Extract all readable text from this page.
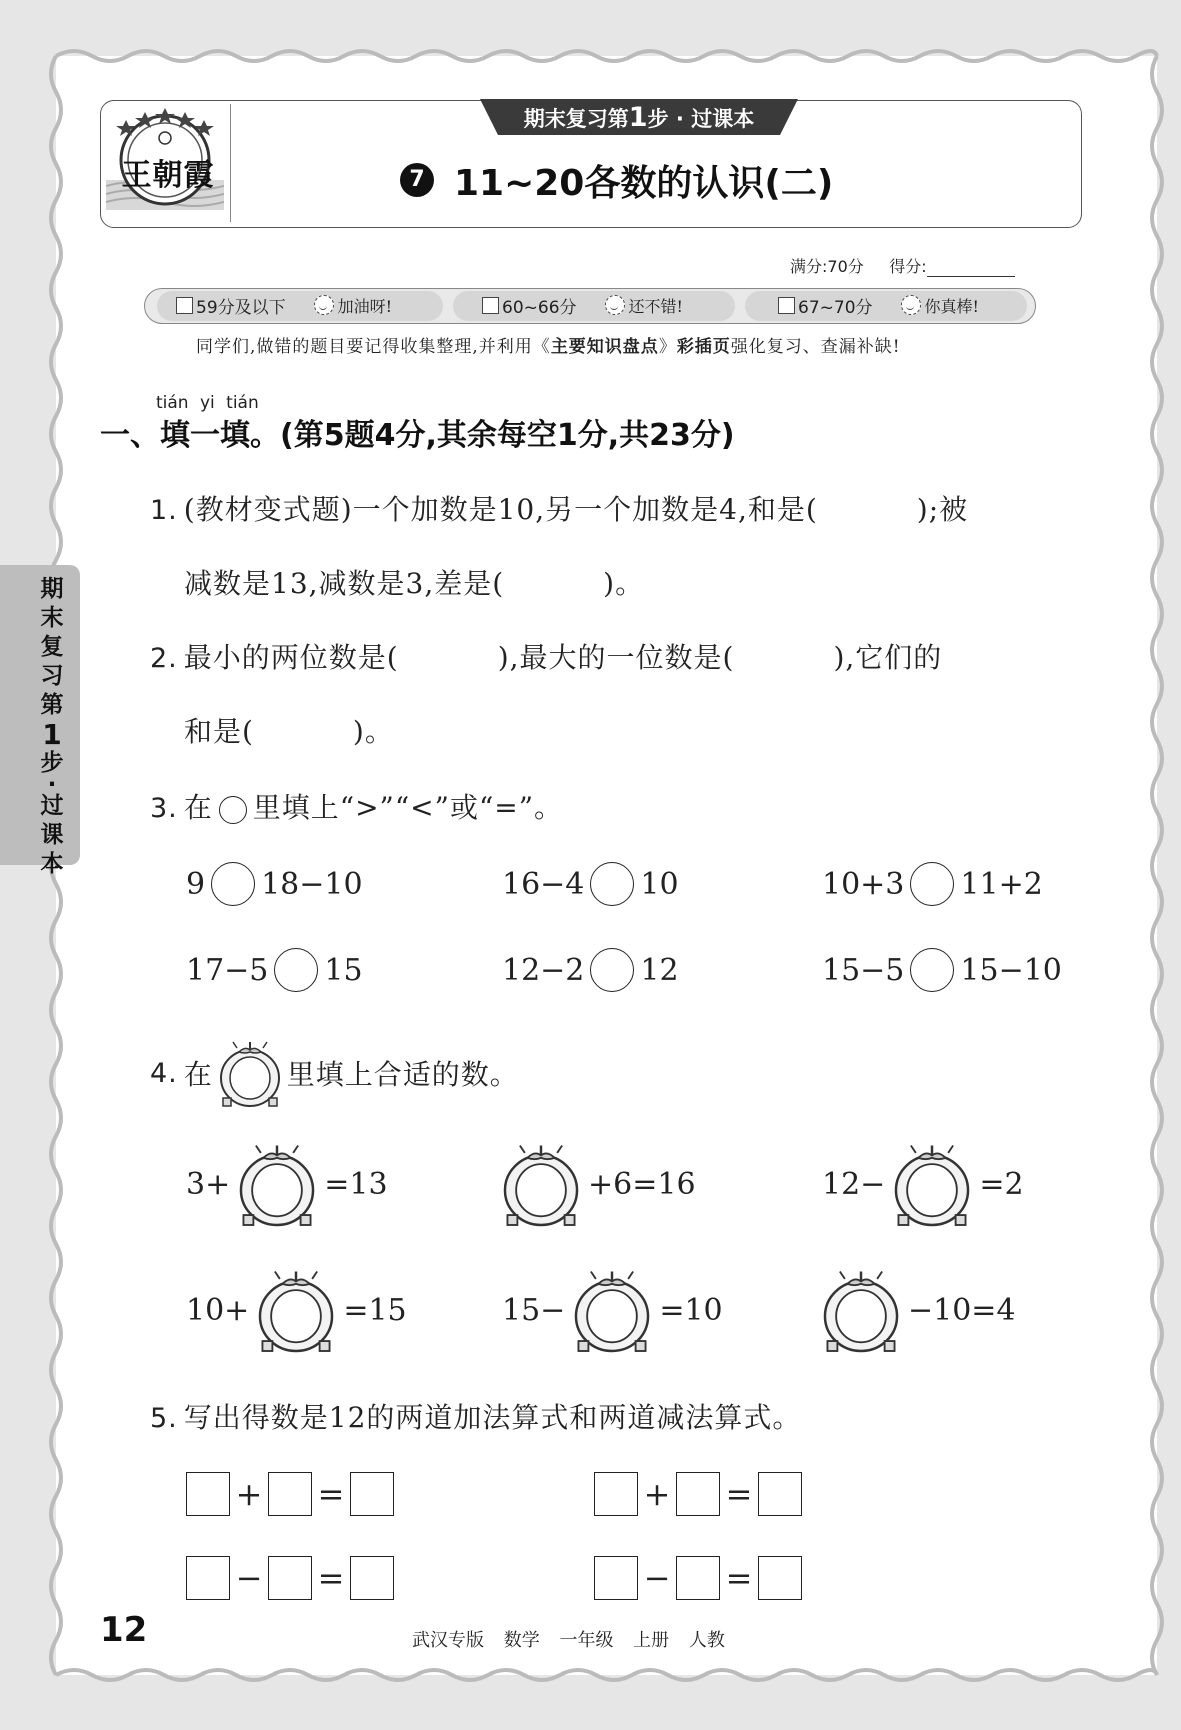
王朝霞
期末复习第1步 · 过课本
7 11~20各数的认识(二)
满分:70分 得分:
59分及以下	加油呀!	60~66分	还不错!	67~70分	你真棒!
同学们,做错的题目要记得收集整理,并利用《主要知识盘点》彩插页强化复习、查漏补缺!
期
末
复
习
第
1
步
·
过
课
本
tián yi tián
一、填一填。(第5题4分,其余每空1分,共23分)
1. (教材变式题)一个加数是10,另一个加数是4,和是(          );被
减数是13,减数是3,差是(          )。
2. 最小的两位数是(          ),最大的一位数是(          ),它们的
和是(          )。
3. 在 里填上“>”“<”或“=”。
9 18−10	16−4 10	10+3 11+2
17−5 15	12−2 12	15−5 15−10
4. 在	里填上合适的数。
3+	=13	+6=16	12−	=2
10+	=15	15−	=10	−10=4
5. 写出得数是12的两道加法算式和两道减法算式。
+ =	+ =
− =	− =
12	武汉专版 数学 一年级 上册 人教
